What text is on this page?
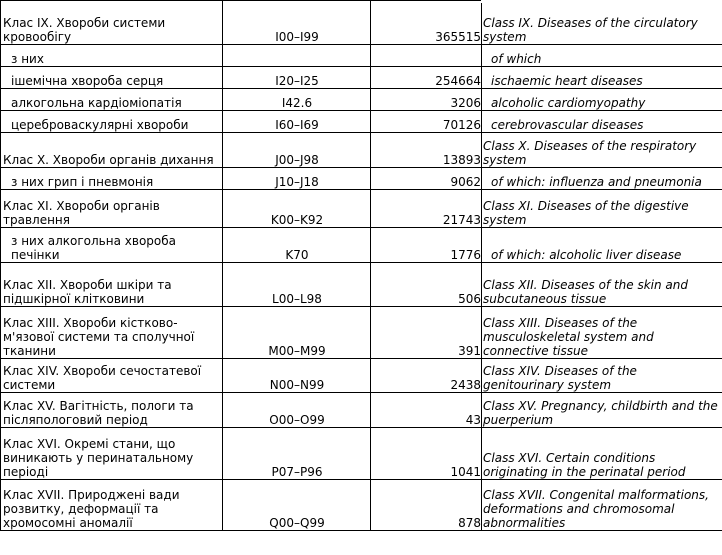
Клас IX. Хвороби системи кровообігу	I00–I99	365515	Class IX. Diseases of the circulatory system
з них			of which
ішемічна хвороба серця	I20–I25	254664	ischaemic heart diseases
алкогольна кардіоміопатія	I42.6	3206	alcoholic cardiomyopathy
цереброваскулярні хвороби	I60–I69	70126	cerebrovascular diseases
Клас X. Хвороби органів дихання	J00–J98	13893	Class X. Diseases of the respiratory system
з них грип і пневмонія	J10–J18	9062	of which: influenza and pneumonia
Клас XI. Хвороби органів травлення	K00–K92	21743	Class XI. Diseases of the digestive system
з них алкогольна хвороба печінки	K70	1776	of which: alcoholic liver disease
Клас XII. Хвороби шкіри та підшкірної клітковини	L00–L98	506	Class XII. Diseases of the skin and subcutaneous tissue
Клас XIII. Хвороби кістково-м'язової системи та сполучної тканини	M00–M99	391	Class XIII. Diseases of the musculoskeletal system and connective tissue
Клас XIV. Хвороби сечостатевої системи	N00–N99	2438	Class XIV. Diseases of the genitourinary system
Клас XV. Вагітність, пологи та післяпологовий період	O00–O99	43	Class XV. Pregnancy, childbirth and the puerperium
Клас XVI. Окремі стани, що виникають у перинатальному періоді	P07–P96	1041	Class XVI. Certain conditions originating in the perinatal period
Клас XVII. Природжені вади розвитку, деформації та хромосомні аномалії	Q00–Q99	878	Class XVII. Congenital malformations, deformations and chromosomal abnormalities
